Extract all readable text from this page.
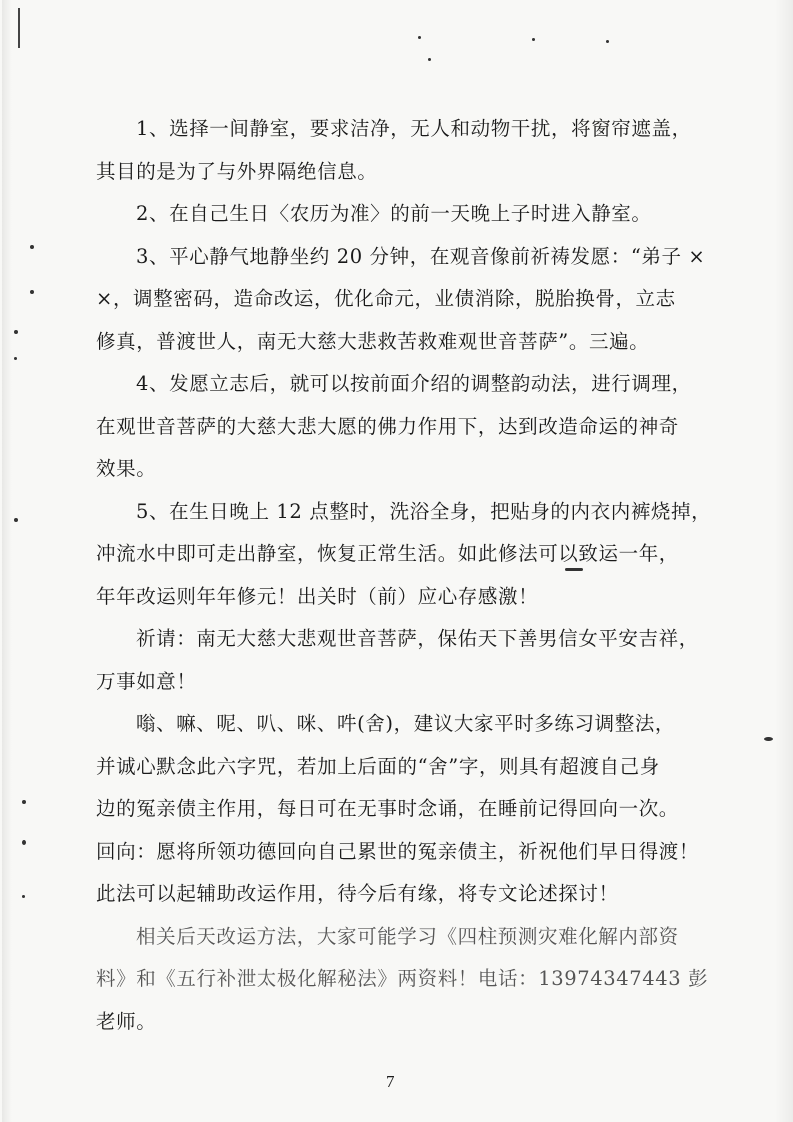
1、选择一间静室，要求洁净，无人和动物干扰，将窗帘遮盖，
其目的是为了与外界隔绝信息。
2、在自己生日〈农历为准〉的前一天晚上子时进入静室。
3、平心静气地静坐约 20 分钟，在观音像前祈祷发愿：“弟子 ×
×，调整密码，造命改运，优化命元，业债消除，脱胎换骨，立志
修真，普渡世人，南无大慈大悲救苦救难观世音菩萨”。三遍。
4、发愿立志后，就可以按前面介绍的调整韵动法，进行调理，
在观世音菩萨的大慈大悲大愿的佛力作用下，达到改造命运的神奇
效果。
5、在生日晚上 12 点整时，洗浴全身，把贴身的内衣内裤烧掉，
冲流水中即可走出静室，恢复正常生活。如此修法可以致运一年，
年年改运则年年修元！出关时（前）应心存感激！
祈请：南无大慈大悲观世音菩萨，保佑天下善男信女平安吉祥，
万事如意！
嗡、嘛、呢、叭、咪、吽(舍)，建议大家平时多练习调整法，
并诚心默念此六字咒，若加上后面的“舍”字，则具有超渡自己身
边的冤亲债主作用，每日可在无事时念诵，在睡前记得回向一次。
回向：愿将所领功德回向自己累世的冤亲债主，祈祝他们早日得渡！
此法可以起辅助改运作用，待今后有缘，将专文论述探讨！
相关后天改运方法，大家可能学习《四柱预测灾难化解内部资
料》和《五行补泄太极化解秘法》两资料！电话：13974347443 彭
老师。
7
